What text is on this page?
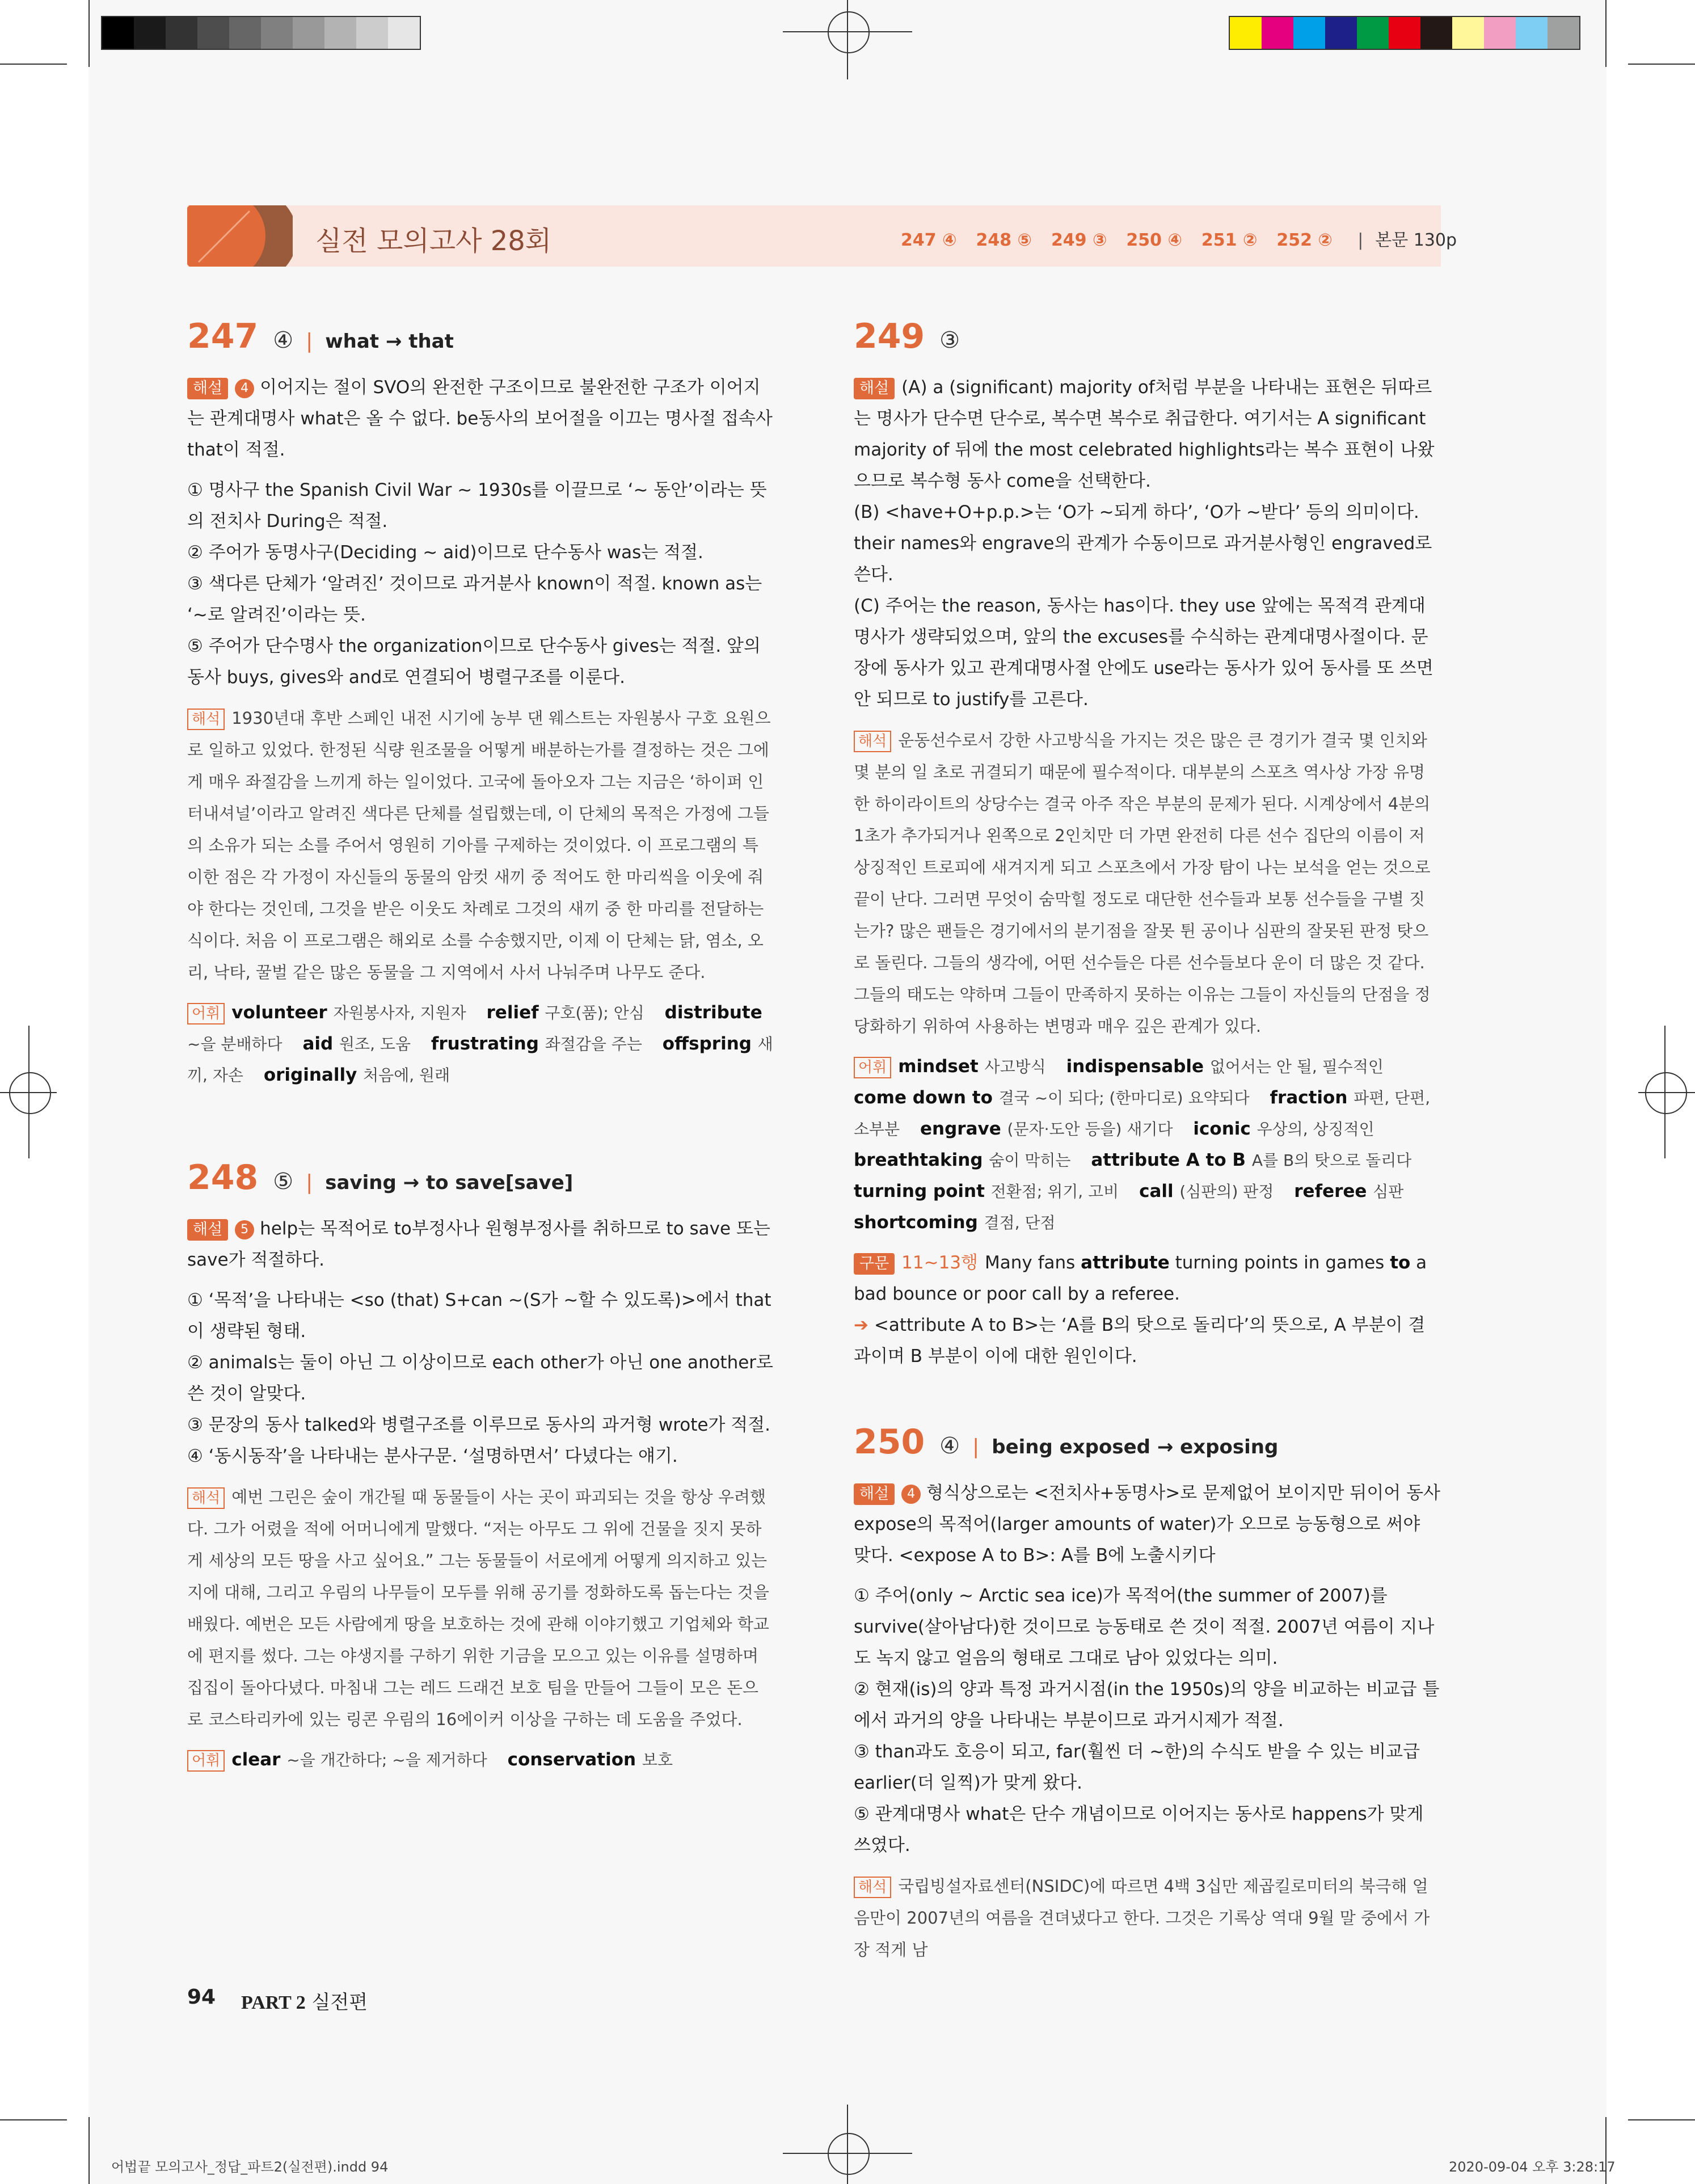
실전 모의고사 28회	247 ④ 248 ⑤ 249 ③ 250 ④ 251 ② 252 ② | 본문 130p
247 ④ | what → that

해설 4 이어지는 절이 SVO의 완전한 구조이므로 불완전한 구조가 이어지는 관계대명사 what은 올 수 없다. be동사의 보어절을 이끄는 명사절 접속사 that이 적절.

① 명사구 the Spanish Civil War ~ 1930s를 이끌므로 ‘~ 동안’이라는 뜻의 전치사 During은 적절.

② 주어가 동명사구(Deciding ~ aid)이므로 단수동사 was는 적절.

③ 색다른 단체가 ‘알려진’ 것이므로 과거분사 known이 적절. known as는 ‘~로 알려진’이라는 뜻.

⑤ 주어가 단수명사 the organization이므로 단수동사 gives는 적절. 앞의 동사 buys, gives와 and로 연결되어 병렬구조를 이룬다.

해석 1930년대 후반 스페인 내전 시기에 농부 댄 웨스트는 자원봉사 구호 요원으로 일하고 있었다. 한정된 식량 원조물을 어떻게 배분하는가를 결정하는 것은 그에게 매우 좌절감을 느끼게 하는 일이었다. 고국에 돌아오자 그는 지금은 ‘하이퍼 인터내셔널’이라고 알려진 색다른 단체를 설립했는데, 이 단체의 목적은 가정에 그들의 소유가 되는 소를 주어서 영원히 기아를 구제하는 것이었다. 이 프로그램의 특이한 점은 각 가정이 자신들의 동물의 암컷 새끼 중 적어도 한 마리씩을 이웃에 줘야 한다는 것인데, 그것을 받은 이웃도 차례로 그것의 새끼 중 한 마리를 전달하는 식이다. 처음 이 프로그램은 해외로 소를 수송했지만, 이제 이 단체는 닭, 염소, 오리, 낙타, 꿀벌 같은 많은 동물을 그 지역에서 사서 나눠주며 나무도 준다.

어휘 volunteer 자원봉사자, 지원자 relief 구호(품); 안심 distribute ~을 분배하다 aid 원조, 도움 frustrating 좌절감을 주는 offspring 새끼, 자손 originally 처음에, 원래

248 ⑤ | saving → to save[save]

해설 5 help는 목적어로 to부정사나 원형부정사를 취하므로 to save 또는 save가 적절하다.

① ‘목적’을 나타내는 <so (that) S+can ~(S가 ~할 수 있도록)>에서 that이 생략된 형태.

② animals는 둘이 아닌 그 이상이므로 each other가 아닌 one another로 쓴 것이 알맞다.

③ 문장의 동사 talked와 병렬구조를 이루므로 동사의 과거형 wrote가 적절.

④ ‘동시동작’을 나타내는 분사구문. ‘설명하면서’ 다녔다는 얘기.

해석 예번 그린은 숲이 개간될 때 동물들이 사는 곳이 파괴되는 것을 항상 우려했다. 그가 어렸을 적에 어머니에게 말했다. “저는 아무도 그 위에 건물을 짓지 못하게 세상의 모든 땅을 사고 싶어요.” 그는 동물들이 서로에게 어떻게 의지하고 있는지에 대해, 그리고 우림의 나무들이 모두를 위해 공기를 정화하도록 돕는다는 것을 배웠다. 예번은 모든 사람에게 땅을 보호하는 것에 관해 이야기했고 기업체와 학교에 편지를 썼다. 그는 야생지를 구하기 위한 기금을 모으고 있는 이유를 설명하며 집집이 돌아다녔다. 마침내 그는 레드 드래건 보호 팀을 만들어 그들이 모은 돈으로 코스타리카에 있는 링콘 우림의 16에이커 이상을 구하는 데 도움을 주었다.

어휘 clear ~을 개간하다; ~을 제거하다 conservation 보호

249 ③

해설 (A) a (significant) majority of처럼 부분을 나타내는 표현은 뒤따르는 명사가 단수면 단수로, 복수면 복수로 취급한다. 여기서는 A significant majority of 뒤에 the most celebrated highlights라는 복수 표현이 나왔으므로 복수형 동사 come을 선택한다.

(B) <have+O+p.p.>는 ‘O가 ~되게 하다’, ‘O가 ~받다’ 등의 의미이다. their names와 engrave의 관계가 수동이므로 과거분사형인 engraved로 쓴다.

(C) 주어는 the reason, 동사는 has이다. they use 앞에는 목적격 관계대명사가 생략되었으며, 앞의 the excuses를 수식하는 관계대명사절이다. 문장에 동사가 있고 관계대명사절 안에도 use라는 동사가 있어 동사를 또 쓰면 안 되므로 to justify를 고른다.

해석 운동선수로서 강한 사고방식을 가지는 것은 많은 큰 경기가 결국 몇 인치와 몇 분의 일 초로 귀결되기 때문에 필수적이다. 대부분의 스포츠 역사상 가장 유명한 하이라이트의 상당수는 결국 아주 작은 부분의 문제가 된다. 시계상에서 4분의 1초가 추가되거나 왼쪽으로 2인치만 더 가면 완전히 다른 선수 집단의 이름이 저 상징적인 트로피에 새겨지게 되고 스포츠에서 가장 탐이 나는 보석을 얻는 것으로 끝이 난다. 그러면 무엇이 숨막힐 정도로 대단한 선수들과 보통 선수들을 구별 짓는가? 많은 팬들은 경기에서의 분기점을 잘못 튄 공이나 심판의 잘못된 판정 탓으로 돌린다. 그들의 생각에, 어떤 선수들은 다른 선수들보다 운이 더 많은 것 같다. 그들의 태도는 약하며 그들이 만족하지 못하는 이유는 그들이 자신들의 단점을 정당화하기 위하여 사용하는 변명과 매우 깊은 관계가 있다.

어휘 mindset 사고방식 indispensable 없어서는 안 될, 필수적인 come down to 결국 ~이 되다; (한마디로) 요약되다 fraction 파편, 단편, 소부분 engrave (문자·도안 등을) 새기다 iconic 우상의, 상징적인 breathtaking 숨이 막히는 attribute A to B A를 B의 탓으로 돌리다 turning point 전환점; 위기, 고비 call (심판의) 판정 referee 심판 shortcoming 결점, 단점

구문 11~13행 Many fans attribute turning points in games to a bad bounce or poor call by a referee.

➔ <attribute A to B>는 ‘A를 B의 탓으로 돌리다’의 뜻으로, A 부분이 결과이며 B 부분이 이에 대한 원인이다.

250 ④ | being exposed → exposing

해설 4 형식상으로는 <전치사+동명사>로 문제없어 보이지만 뒤이어 동사 expose의 목적어(larger amounts of water)가 오므로 능동형으로 써야 맞다. <expose A to B>: A를 B에 노출시키다

① 주어(only ~ Arctic sea ice)가 목적어(the summer of 2007)를 survive(살아남다)한 것이므로 능동태로 쓴 것이 적절. 2007년 여름이 지나도 녹지 않고 얼음의 형태로 그대로 남아 있었다는 의미.

② 현재(is)의 양과 특정 과거시점(in the 1950s)의 양을 비교하는 비교급 틀에서 과거의 양을 나타내는 부분이므로 과거시제가 적절.

③ than과도 호응이 되고, far(훨씬 더 ~한)의 수식도 받을 수 있는 비교급 earlier(더 일찍)가 맞게 왔다.

⑤ 관계대명사 what은 단수 개념이므로 이어지는 동사로 happens가 맞게 쓰였다.

해석 국립빙설자료센터(NSIDC)에 따르면 4백 3십만 제곱킬로미터의 북극해 얼음만이 2007년의 여름을 견뎌냈다고 한다. 그것은 기록상 역대 9월 말 중에서 가장 적게 남

94 PART 2 실전편
어법끝 모의고사_정답_파트2(실전편).indd 94	2020-09-04 오후 3:28:17
